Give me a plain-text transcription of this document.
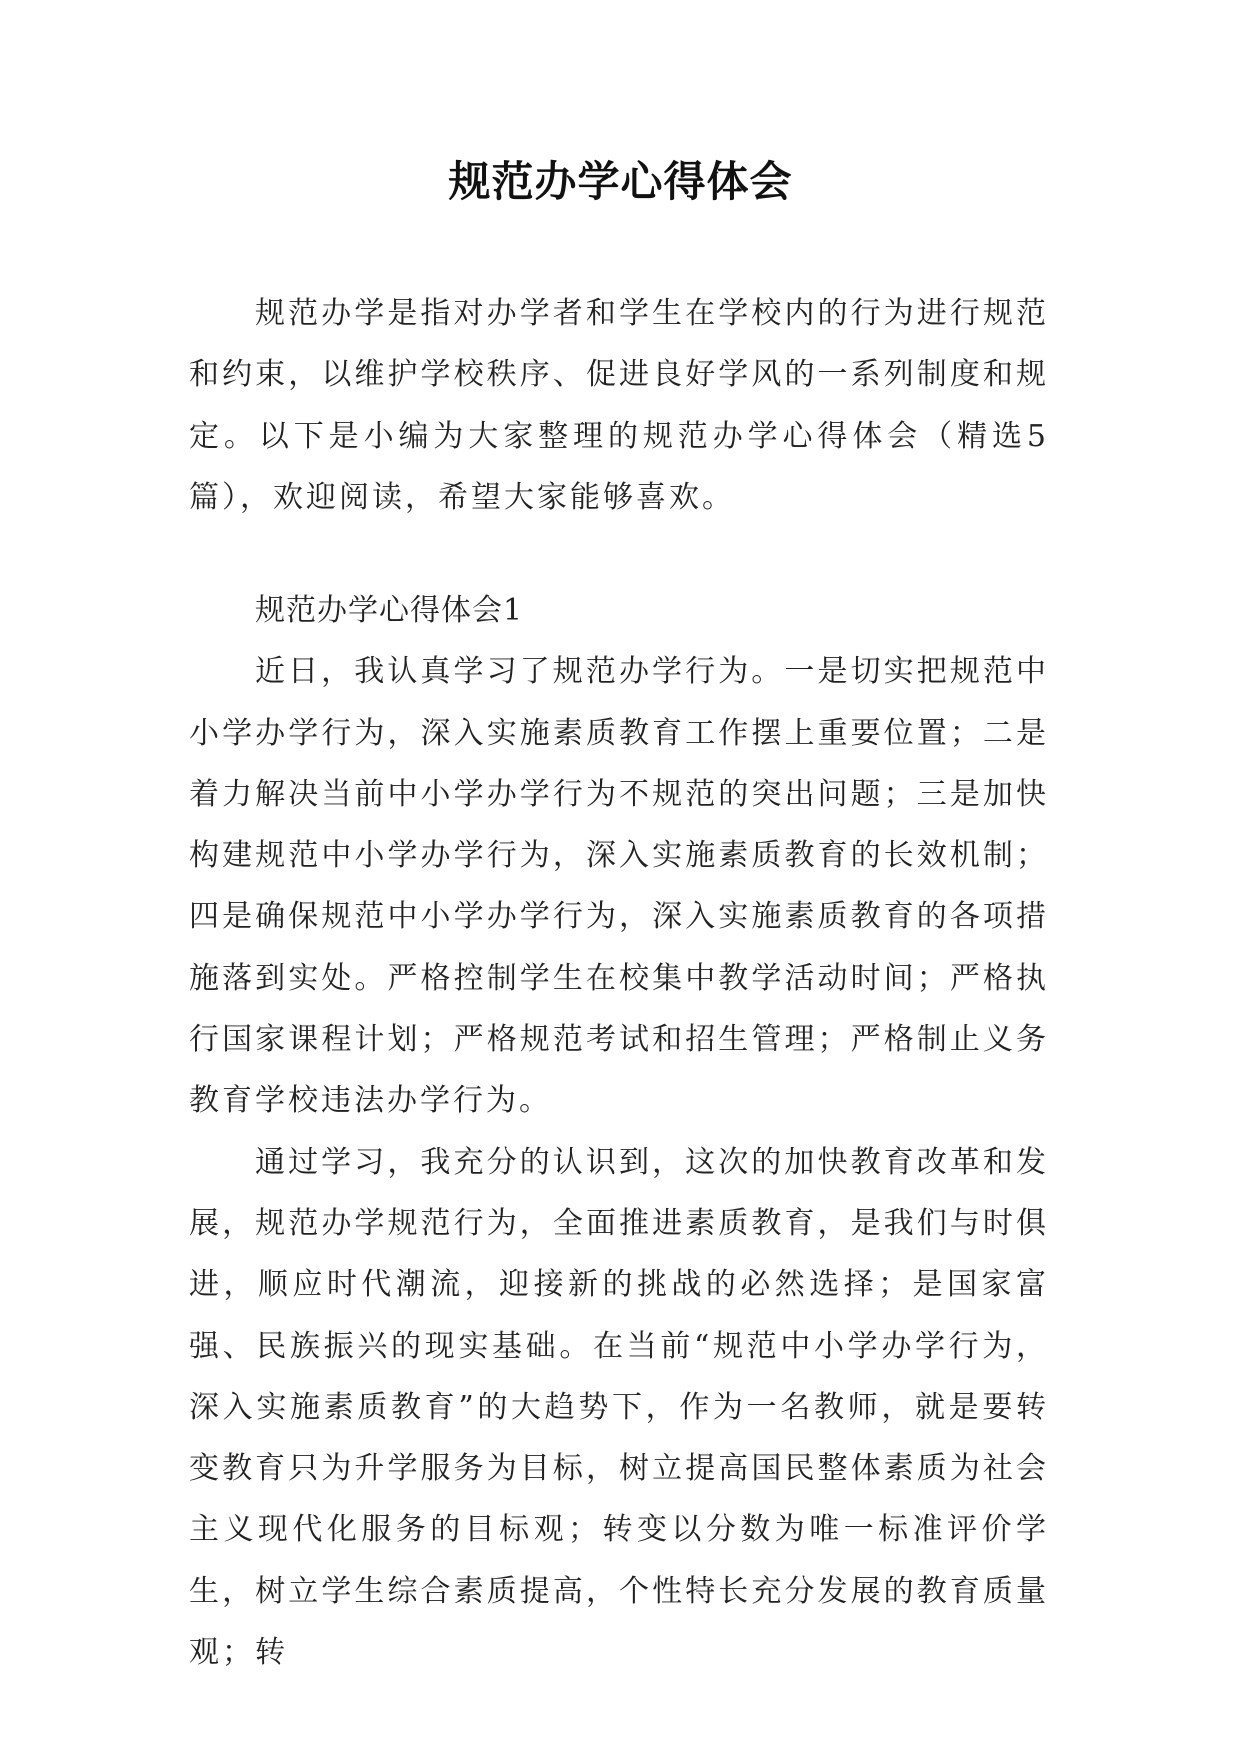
规范办学心得体会

规范办学是指对办学者和学生在学校内的行为进行规范和约束，以维护学校秩序、促进良好学风的一系列制度和规定。以下是小编为大家整理的规范办学心得体会（精选5篇），欢迎阅读，希望大家能够喜欢。

规范办学心得体会1

近日，我认真学习了规范办学行为。一是切实把规范中小学办学行为，深入实施素质教育工作摆上重要位置；二是着力解决当前中小学办学行为不规范的突出问题；三是加快构建规范中小学办学行为，深入实施素质教育的长效机制；四是确保规范中小学办学行为，深入实施素质教育的各项措施落到实处。严格控制学生在校集中教学活动时间；严格执行国家课程计划；严格规范考试和招生管理；严格制止义务教育学校违法办学行为。

通过学习，我充分的认识到，这次的加快教育改革和发展，规范办学规范行为，全面推进素质教育，是我们与时俱进，顺应时代潮流，迎接新的挑战的必然选择；是国家富强、民族振兴的现实基础。在当前“规范中小学办学行为，深入实施素质教育”的大趋势下，作为一名教师，就是要转变教育只为升学服务为目标，树立提高国民整体素质为社会主义现代化服务的目标观；转变以分数为唯一标准评价学生，树立学生综合素质提高，个性特长充分发展的教育质量观；转
